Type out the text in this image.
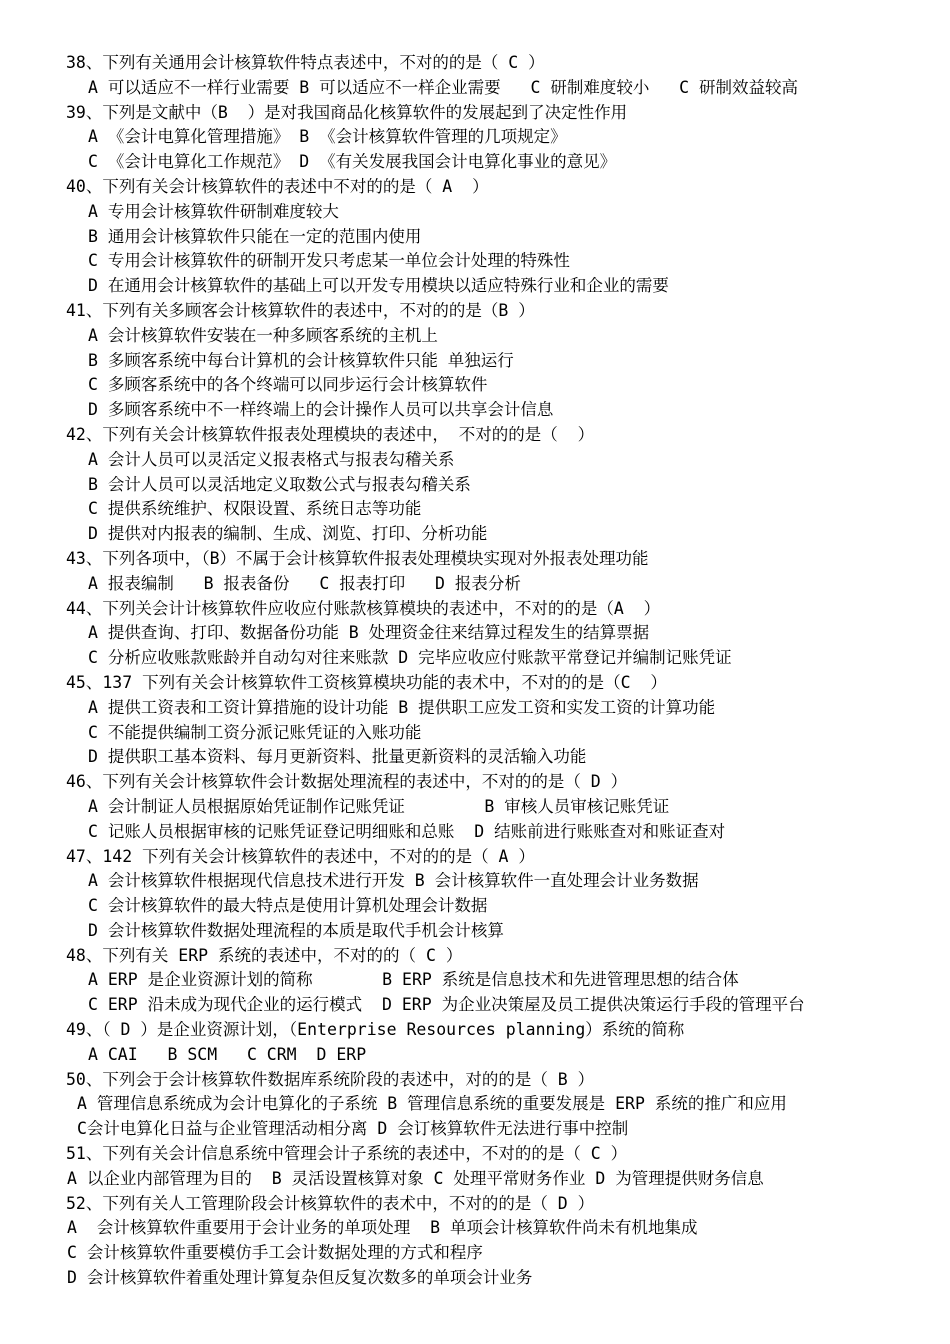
38、下列有关通用会计核算软件特点表述中，不对的的是（ C ）
A 可以适应不一样行业需要 B 可以适应不一样企业需要   C 研制难度较小   C 研制效益较高
39、下列是文献中（B  ）是对我国商品化核算软件的发展起到了决定性作用
A 《会计电算化管理措施》 B 《会计核算软件管理的几项规定》
C 《会计电算化工作规范》 D 《有关发展我国会计电算化事业的意见》
40、下列有关会计核算软件的表述中不对的的是（ A  ）
A 专用会计核算软件研制难度较大
B 通用会计核算软件只能在一定的范围内使用
C 专用会计核算软件的研制开发只考虑某一单位会计处理的特殊性
D 在通用会计核算软件的基础上可以开发专用模块以适应特殊行业和企业的需要
41、下列有关多顾客会计核算软件的表述中，不对的的是（B ）
A 会计核算软件安装在一种多顾客系统的主机上
B 多顾客系统中每台计算机的会计核算软件只能 单独运行
C 多顾客系统中的各个终端可以同步运行会计核算软件
D 多顾客系统中不一样终端上的会计操作人员可以共享会计信息
42、下列有关会计核算软件报表处理模块的表述中， 不对的的是（  ）
A 会计人员可以灵活定义报表格式与报表勾稽关系
B 会计人员可以灵活地定义取数公式与报表勾稽关系
C 提供系统维护、权限设置、系统日志等功能
D 提供对内报表的编制、生成、浏览、打印、分析功能
43、下列各项中，（B）不属于会计核算软件报表处理模块实现对外报表处理功能
A 报表编制   B 报表备份   C 报表打印   D 报表分析
44、下列关会计计核算软件应收应付账款核算模块的表述中，不对的的是（A  ）
A 提供查询、打印、数据备份功能 B 处理资金往来结算过程发生的结算票据
C 分析应收账款账龄并自动勾对往来账款 D 完毕应收应付账款平常登记并编制记账凭证
45、137 下列有关会计核算软件工资核算模块功能的表术中，不对的的是（C  ）
A 提供工资表和工资计算措施的设计功能 B 提供职工应发工资和实发工资的计算功能
C 不能提供编制工资分派记账凭证的入账功能
D 提供职工基本资料、每月更新资料、批量更新资料的灵活输入功能
46、下列有关会计核算软件会计数据处理流程的表述中，不对的的是（ D ）
A 会计制证人员根据原始凭证制作记账凭证        B 审核人员审核记账凭证
C 记账人员根据审核的记账凭证登记明细账和总账  D 结账前进行账账查对和账证查对
47、142 下列有关会计核算软件的表述中，不对的的是（ A ）
A 会计核算软件根据现代信息技术进行开发 B 会计核算软件一直处理会计业务数据
C 会计核算软件的最大特点是使用计算机处理会计数据
D 会计核算软件数据处理流程的本质是取代手机会计核算
48、下列有关 ERP 系统的表述中，不对的的（ C ）
A ERP 是企业资源计划的简称       B ERP 系统是信息技术和先进管理思想的结合体
C ERP 沿未成为现代企业的运行模式  D ERP 为企业决策屋及员工提供决策运行手段的管理平台
49、（ D ）是企业资源计划，（Enterprise Resources planning）系统的简称
A CAI   B SCM   C CRM  D ERP
50、下列会于会计核算软件数据库系统阶段的表述中，对的的是（ B ）
A 管理信息系统成为会计电算化的子系统 B 管理信息系统的重要发展是 ERP 系统的推广和应用
C会计电算化日益与企业管理活动相分离 D 会订核算软件无法进行事中控制
51、下列有关会计信息系统中管理会计子系统的表述中，不对的的是（ C ）
A 以企业内部管理为目的  B 灵活设置核算对象 C 处理平常财务作业 D 为管理提供财务信息
52、下列有关人工管理阶段会计核算软件的表术中，不对的的是（ D ）
A  会计核算软件重要用于会计业务的单项处理  B 单项会计核算软件尚未有机地集成
C 会计核算软件重要模仿手工会计数据处理的方式和程序
D 会计核算软件着重处理计算复杂但反复次数多的单项会计业务
